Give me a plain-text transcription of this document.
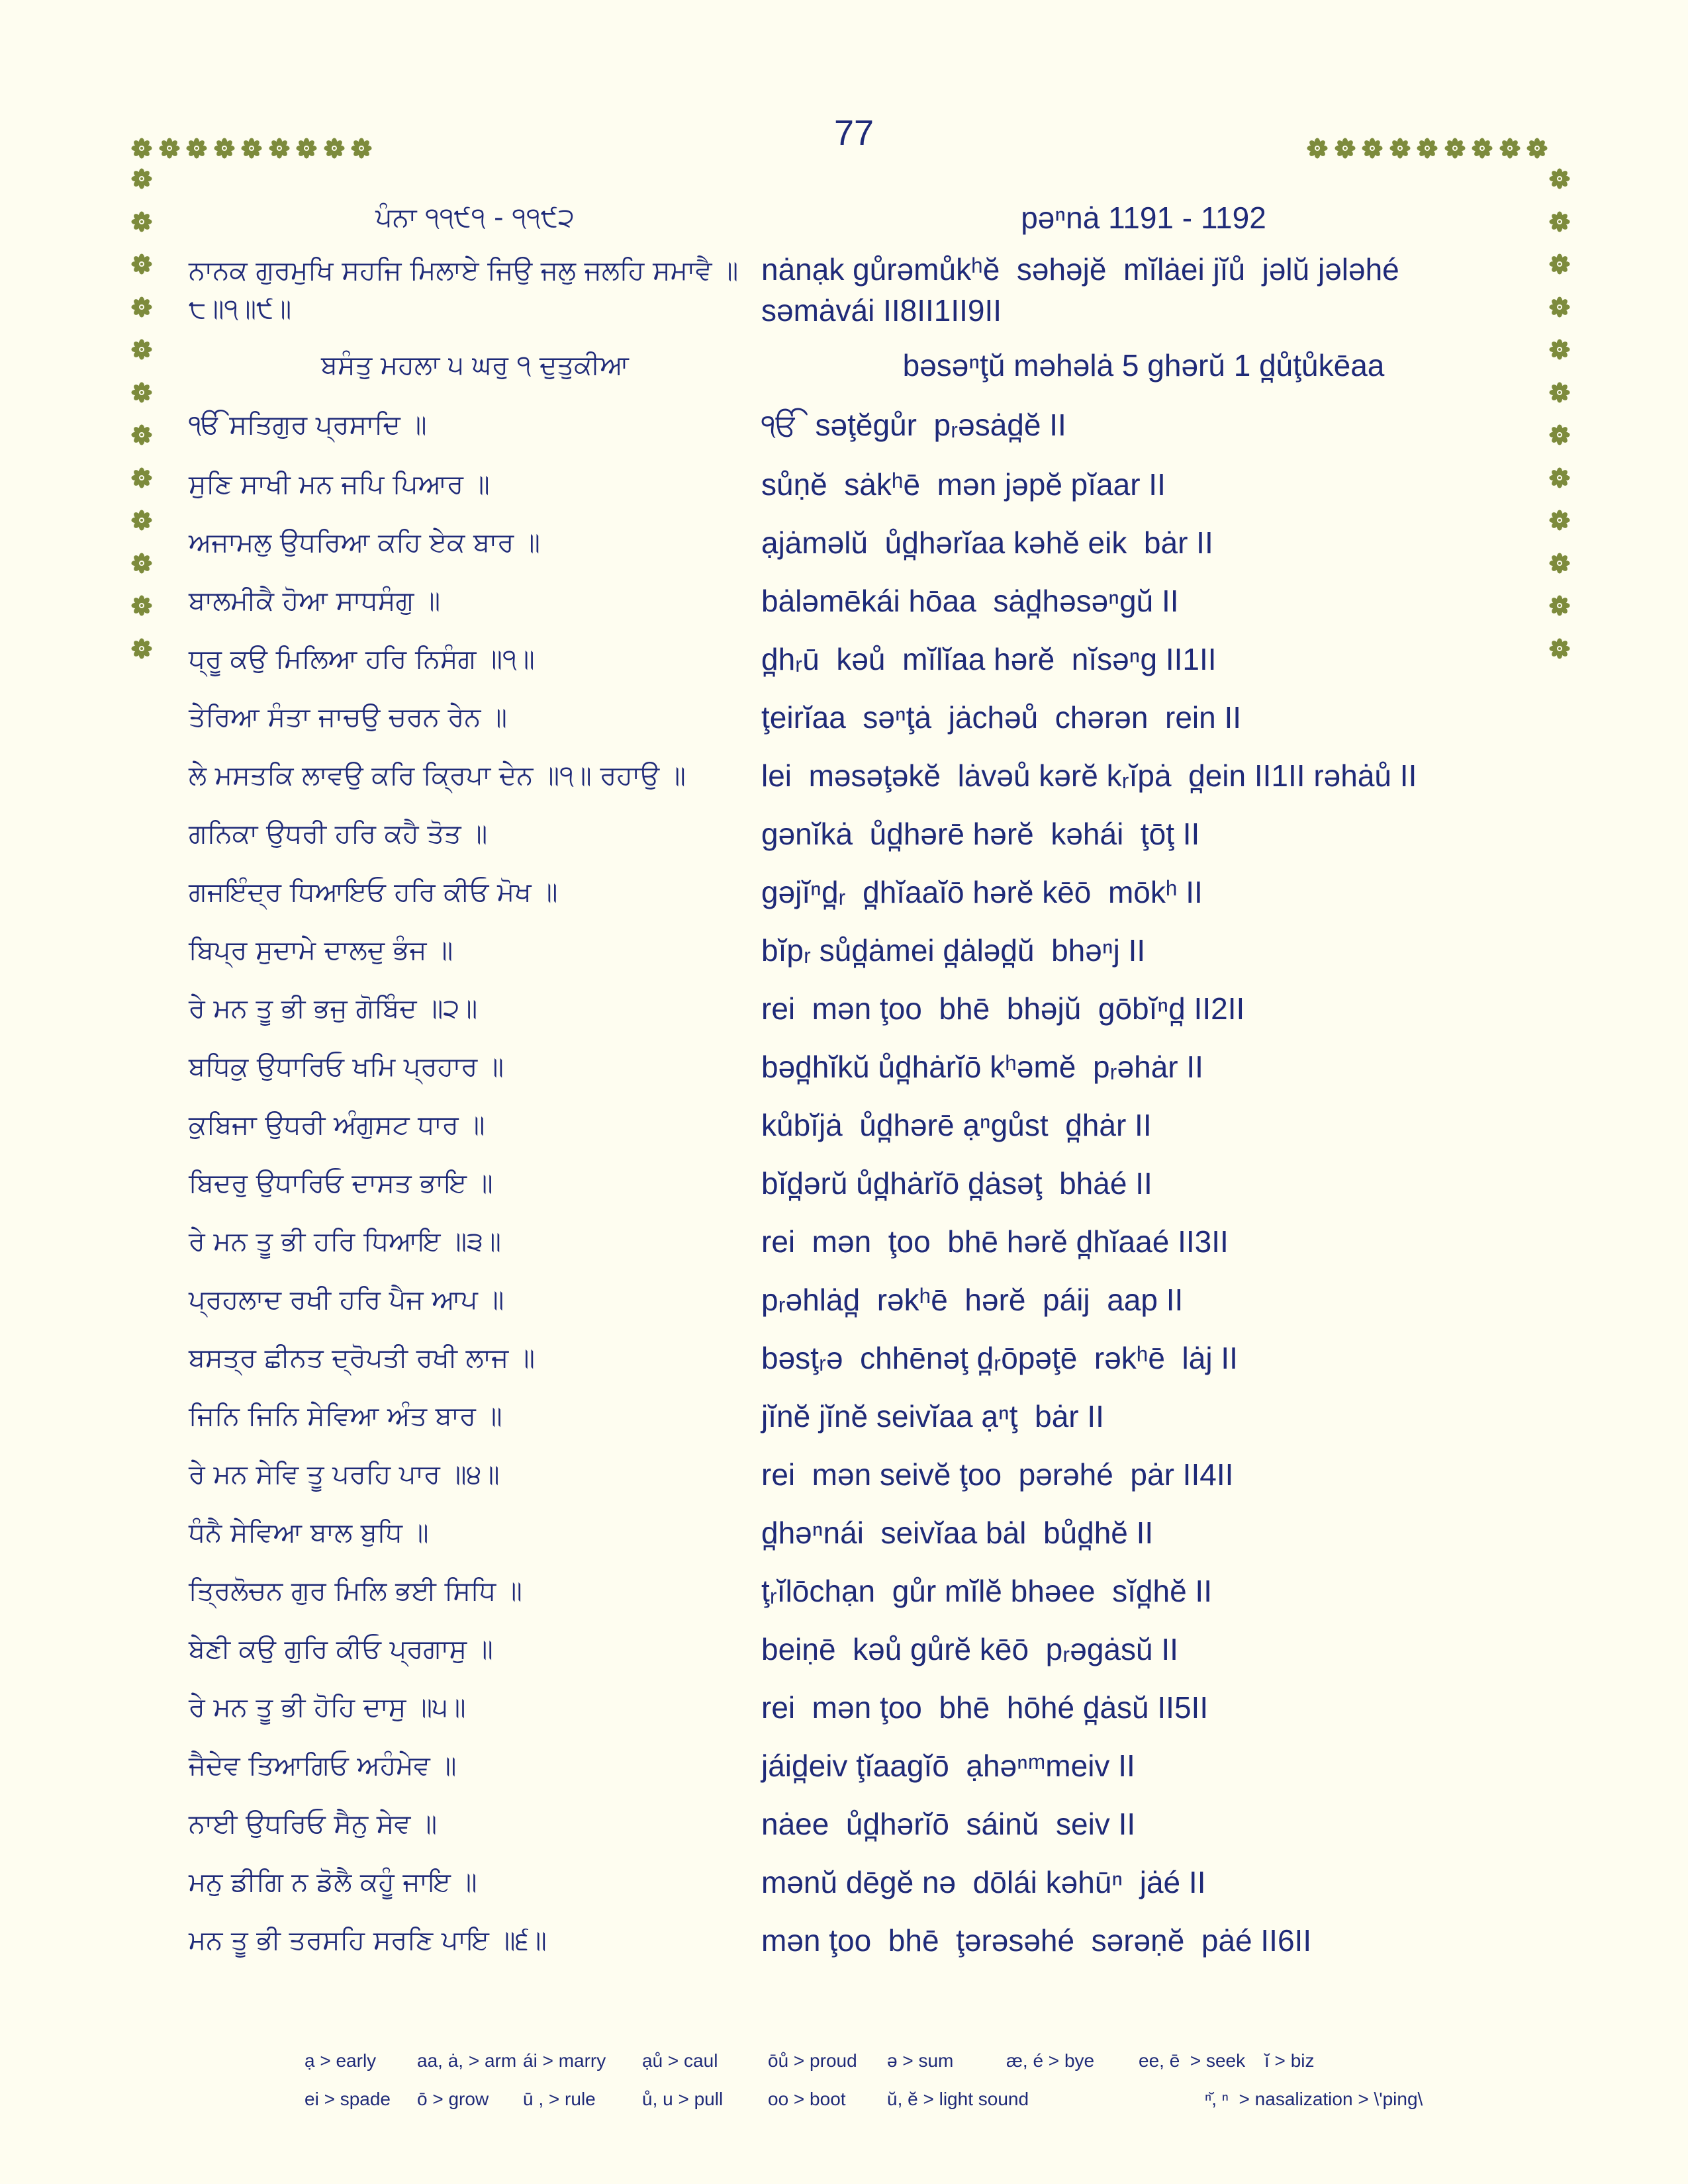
77
ਪੰਨਾ ੧੧੯੧ - ੧੧੯੨	pəⁿnȧ 1191 - 1192
ਨਾਨਕ ਗੁਰਮੁਖਿ ਸਹਜਿ ਮਿਲਾਏ ਜਿਉ ਜਲੁ ਜਲਹਿ ਸਮਾਵੈ ॥੮॥੧॥੯॥
nȧnạk gůrəmůkʰĕ  səhəjĕ  mĭlȧei jĭů  jəlŭ jələhé
səmȧvái II8II1II9II
ਬਸੰਤੁ ਮਹਲਾ ੫ ਘਰੁ ੧ ਦੁਤੁਕੀਆ	bəsəⁿţŭ məhəlȧ 5 ghərŭ 1 d̪ůţůkēaa
ੴ ਸਤਿਗੁਰ ਪ੍ਰਸਾਦਿ ॥	ੴ  səţĕgůr  pᵣəsȧd̪ĕ II
ਸੁਣਿ ਸਾਖੀ ਮਨ ਜਪਿ ਪਿਆਰ ॥	sůṇĕ  sȧkʰē  mən jəpĕ pĭaar II
ਅਜਾਮਲੁ ਉਧਰਿਆ ਕਹਿ ਏਕ ਬਾਰ ॥	ạjȧməlŭ  ůd̪hərĭaa kəhĕ eik  bȧr II
ਬਾਲਮੀਕੈ ਹੋਆ ਸਾਧਸੰਗੁ ॥	bȧləmēkái hōaa  sȧd̪həsəⁿgŭ II
ਧ੍ਰੂ ਕਉ ਮਿਲਿਆ ਹਰਿ ਨਿਸੰਗ ॥੧॥	d̪hᵣū  kəů  mĭlĭaa hərĕ  nĭsəⁿg II1II
ਤੇਰਿਆ ਸੰਤਾ ਜਾਚਉ ਚਰਨ ਰੇਨ ॥	ţeirĭaa  səⁿţȧ  jȧchəů  chərən  rein II
ਲੇ ਮਸਤਕਿ ਲਾਵਉ ਕਰਿ ਕ੍ਰਿਪਾ ਦੇਨ ॥੧॥ ਰਹਾਉ ॥	lei  məsəţəkĕ  lȧvəů kərĕ kᵣĭpȧ  d̪ein II1II rəhȧů II
ਗਨਿਕਾ ਉਧਰੀ ਹਰਿ ਕਹੈ ਤੋਤ ॥	gənĭkȧ  ůd̪hərē hərĕ  kəhái  ţōţ II
ਗਜਇੰਦ੍ਰ ਧਿਆਇਓ ਹਰਿ ਕੀਓ ਮੋਖ ॥	gəjĭⁿd̪ᵣ  d̪hĭaaĭō hərĕ kēō  mōkʰ II
ਬਿਪ੍ਰ ਸੁਦਾਮੇ ਦਾਲਦੁ ਭੰਜ ॥	bĭpᵣ sůd̪ȧmei d̪ȧləd̪ŭ  bhəⁿj II
ਰੇ ਮਨ ਤੂ ਭੀ ਭਜੁ ਗੋਬਿੰਦ ॥੨॥	rei  mən ţoo  bhē  bhəjŭ  gōbĭⁿd̪ II2II
ਬਧਿਕੁ ਉਧਾਰਿਓ ਖਮਿ ਪ੍ਰਹਾਰ ॥	bəd̪hĭkŭ ůd̪hȧrĭō kʰəmĕ  pᵣəhȧr II
ਕੁਬਿਜਾ ਉਧਰੀ ਅੰਗੁਸਟ ਧਾਰ ॥	kůbĭjȧ  ůd̪hərē ạⁿgůst  d̪hȧr II
ਬਿਦਰੁ ਉਧਾਰਿਓ ਦਾਸਤ ਭਾਇ ॥	bĭd̪ərŭ ůd̪hȧrĭō d̪ȧsəţ  bhȧé II
ਰੇ ਮਨ ਤੂ ਭੀ ਹਰਿ ਧਿਆਇ ॥੩॥	rei  mən  ţoo  bhē hərĕ d̪hĭaaé II3II
ਪ੍ਰਹਲਾਦ ਰਖੀ ਹਰਿ ਪੈਜ ਆਪ ॥	pᵣəhlȧd̪  rəkʰē  hərĕ  páij  aap II
ਬਸਤ੍ਰ ਛੀਨਤ ਦ੍ਰੋਪਤੀ ਰਖੀ ਲਾਜ ॥	bəsţᵣə  chhēnəţ d̪ᵣōpəţē  rəkʰē  lȧj II
ਜਿਨਿ ਜਿਨਿ ਸੇਵਿਆ ਅੰਤ ਬਾਰ ॥	jĭnĕ jĭnĕ seivĭaa ạⁿţ  bȧr II
ਰੇ ਮਨ ਸੇਵਿ ਤੂ ਪਰਹਿ ਪਾਰ ॥੪॥	rei  mən seivĕ ţoo  pərəhé  pȧr II4II
ਧੰਨੈ ਸੇਵਿਆ ਬਾਲ ਬੁਧਿ ॥	d̪həⁿnái  seivĭaa bȧl  bůd̪hĕ II
ਤ੍ਰਿਲੋਚਨ ਗੁਰ ਮਿਲਿ ਭਈ ਸਿਧਿ ॥	ţᵣĭlōchạn  gůr mĭlĕ bhəee  sĭd̪hĕ II
ਬੇਣੀ ਕਉ ਗੁਰਿ ਕੀਓ ਪ੍ਰਗਾਸੁ ॥	beiṇē  kəů gůrĕ kēō  pᵣəgȧsŭ II
ਰੇ ਮਨ ਤੂ ਭੀ ਹੋਹਿ ਦਾਸੁ ॥੫॥	rei  mən ţoo  bhē  hōhé d̪ȧsŭ II5II
ਜੈਦੇਵ ਤਿਆਗਿਓ ਅਹੰਮੇਵ ॥	jáid̪eiv ţĭaagĭō  ạhəⁿᵐmeiv II
ਨਾਈ ਉਧਰਿਓ ਸੈਨੁ ਸੇਵ ॥	nȧee  ůd̪hərĭō  sáinŭ  seiv II
ਮਨੁ ਡੀਗਿ ਨ ਡੋਲੈ ਕਹੂੰ ਜਾਇ ॥	mənŭ dēgĕ nə  dōlái kəhūⁿ  jȧé II
ਮਨ ਤੂ ਭੀ ਤਰਸਹਿ ਸਰਣਿ ਪਾਇ ॥੬॥	mən ţoo  bhē  ţərəsəhé  sərəṇĕ  pȧé II6II
ạ > early aa, ȧ, > arm ái > marry ạů > caul	ōů > proud ə > sum	æ, é > bye ee, ē  > seek ĭ > biz
ei > spade ō > grow ū , > rule	ů, u > pull oo > boot ŭ, ĕ > light sound	ⁿ̆, ⁿ  > nasalization > \'ping\
